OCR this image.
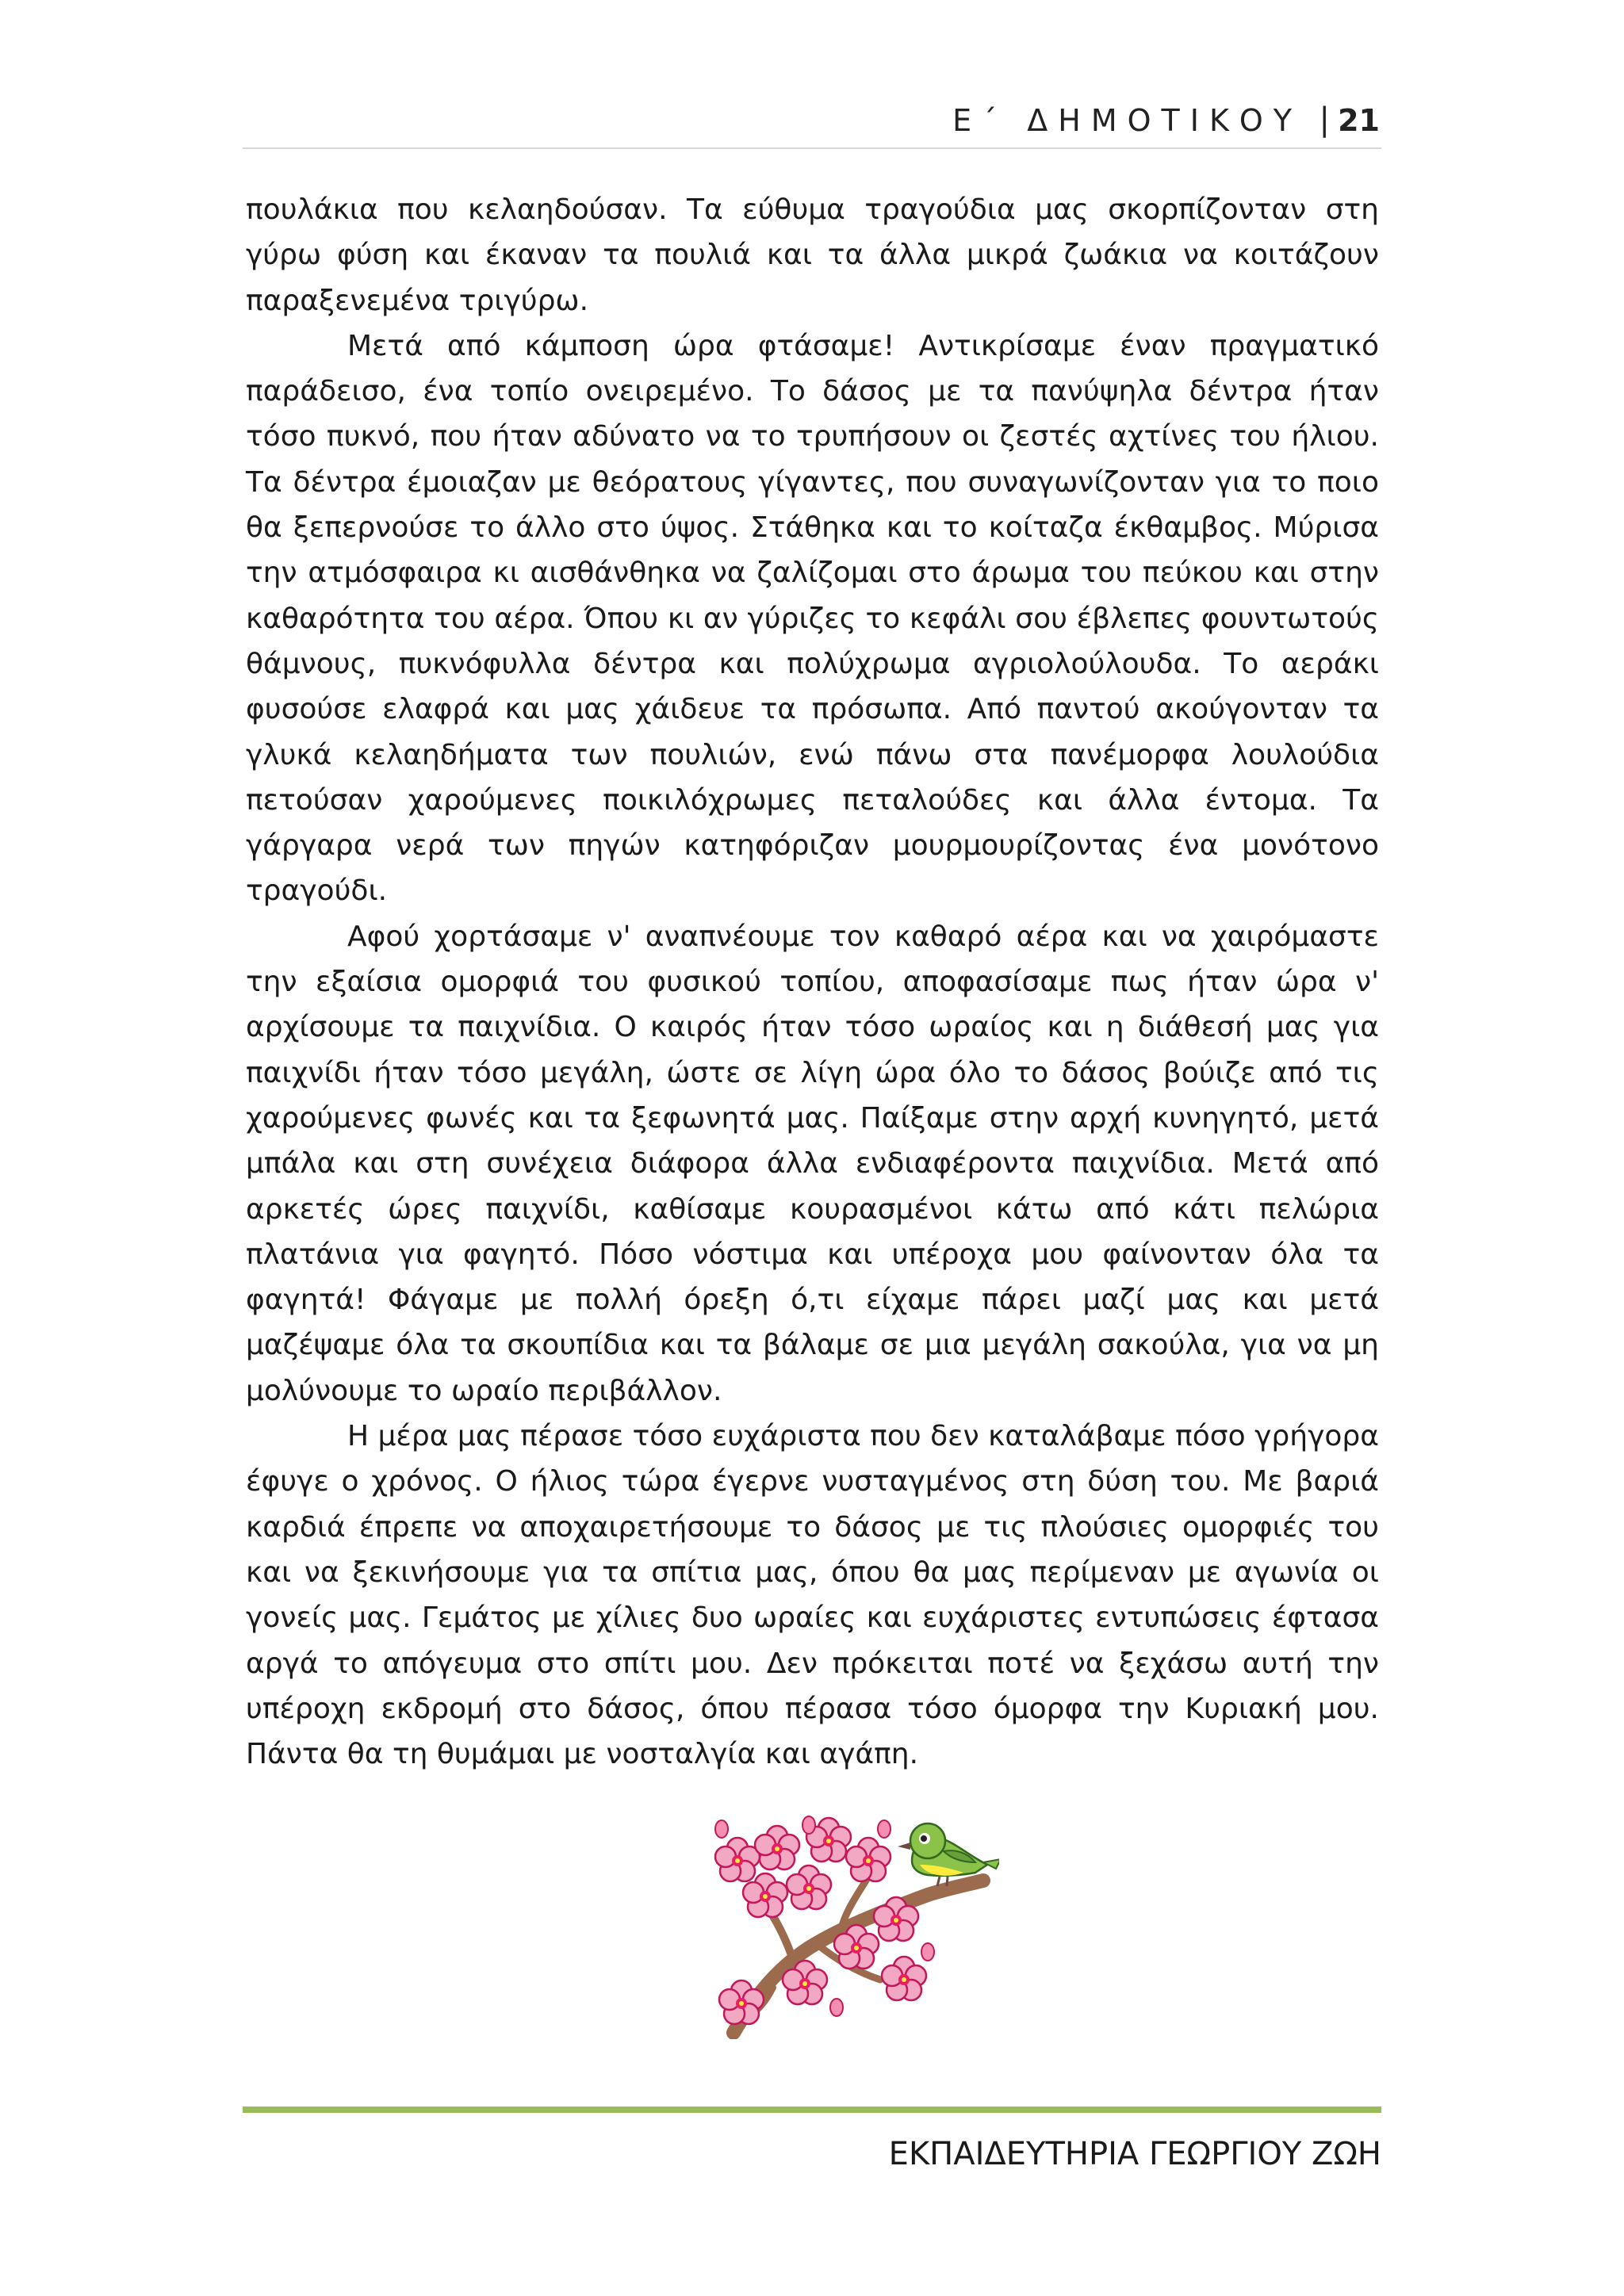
Ε΄ ΔΗΜΟΤΙΚΟΥ | 21

πουλάκια που κελαηδούσαν. Τα εύθυμα τραγούδια μας σκορπίζονταν στη γύρω φύση και έκαναν τα πουλιά και τα άλλα μικρά ζωάκια να κοιτάζουν παραξενεμένα τριγύρω.

Μετά από κάμποση ώρα φτάσαμε! Αντικρίσαμε έναν πραγματικό παράδεισο, ένα τοπίο ονειρεμένο. Το δάσος με τα πανύψηλα δέντρα ήταν τόσο πυκνό, που ήταν αδύνατο να το τρυπήσουν οι ζεστές αχτίνες του ήλιου. Τα δέντρα έμοιαζαν με θεόρατους γίγαντες, που συναγωνίζονταν για το ποιο θα ξεπερνούσε το άλλο στο ύψος. Στάθηκα και το κοίταζα έκθαμβος. Μύρισα την ατμόσφαιρα κι αισθάνθηκα να ζαλίζομαι στο άρωμα του πεύκου και στην καθαρότητα του αέρα. Όπου κι αν γύριζες το κεφάλι σου έβλεπες φουντωτούς θάμνους, πυκνόφυλλα δέντρα και πολύχρωμα αγριολούλουδα. Το αεράκι φυσούσε ελαφρά και μας χάιδευε τα πρόσωπα. Από παντού ακούγονταν τα γλυκά κελαηδήματα των πουλιών, ενώ πάνω στα πανέμορφα λουλούδια πετούσαν χαρούμενες ποικιλόχρωμες πεταλούδες και άλλα έντομα. Τα γάργαρα νερά των πηγών κατηφόριζαν μουρμουρίζοντας ένα μονότονο τραγούδι.

Αφού χορτάσαμε ν' αναπνέουμε τον καθαρό αέρα και να χαιρόμαστε την εξαίσια ομορφιά του φυσικού τοπίου, αποφασίσαμε πως ήταν ώρα ν' αρχίσουμε τα παιχνίδια. Ο καιρός ήταν τόσο ωραίος και η διάθεσή μας για παιχνίδι ήταν τόσο μεγάλη, ώστε σε λίγη ώρα όλο το δάσος βούιζε από τις χαρούμενες φωνές και τα ξεφωνητά μας. Παίξαμε στην αρχή κυνηγητό, μετά μπάλα και στη συνέχεια διάφορα άλλα ενδιαφέροντα παιχνίδια. Μετά από αρκετές ώρες παιχνίδι, καθίσαμε κουρασμένοι κάτω από κάτι πελώρια πλατάνια για φαγητό. Πόσο νόστιμα και υπέροχα μου φαίνονταν όλα τα φαγητά! Φάγαμε με πολλή όρεξη ό,τι είχαμε πάρει μαζί μας και μετά μαζέψαμε όλα τα σκουπίδια και τα βάλαμε σε μια μεγάλη σακούλα, για να μη μολύνουμε το ωραίο περιβάλλον.

Η μέρα μας πέρασε τόσο ευχάριστα που δεν καταλάβαμε πόσο γρήγορα έφυγε ο χρόνος. Ο ήλιος τώρα έγερνε νυσταγμένος στη δύση του. Με βαριά καρδιά έπρεπε να αποχαιρετήσουμε το δάσος με τις πλούσιες ομορφιές του και να ξεκινήσουμε για τα σπίτια μας, όπου θα μας περίμεναν με αγωνία οι γονείς μας. Γεμάτος με χίλιες δυο ωραίες και ευχάριστες εντυπώσεις έφτασα αργά το απόγευμα στο σπίτι μου. Δεν πρόκειται ποτέ να ξεχάσω αυτή την υπέροχη εκδρομή στο δάσος, όπου πέρασα τόσο όμορφα την Κυριακή μου. Πάντα θα τη θυμάμαι με νοσταλγία και αγάπη.

ΕΚΠΑΙΔΕΥΤΗΡΙΑ ΓΕΩΡΓΙΟΥ ΖΩΗ
